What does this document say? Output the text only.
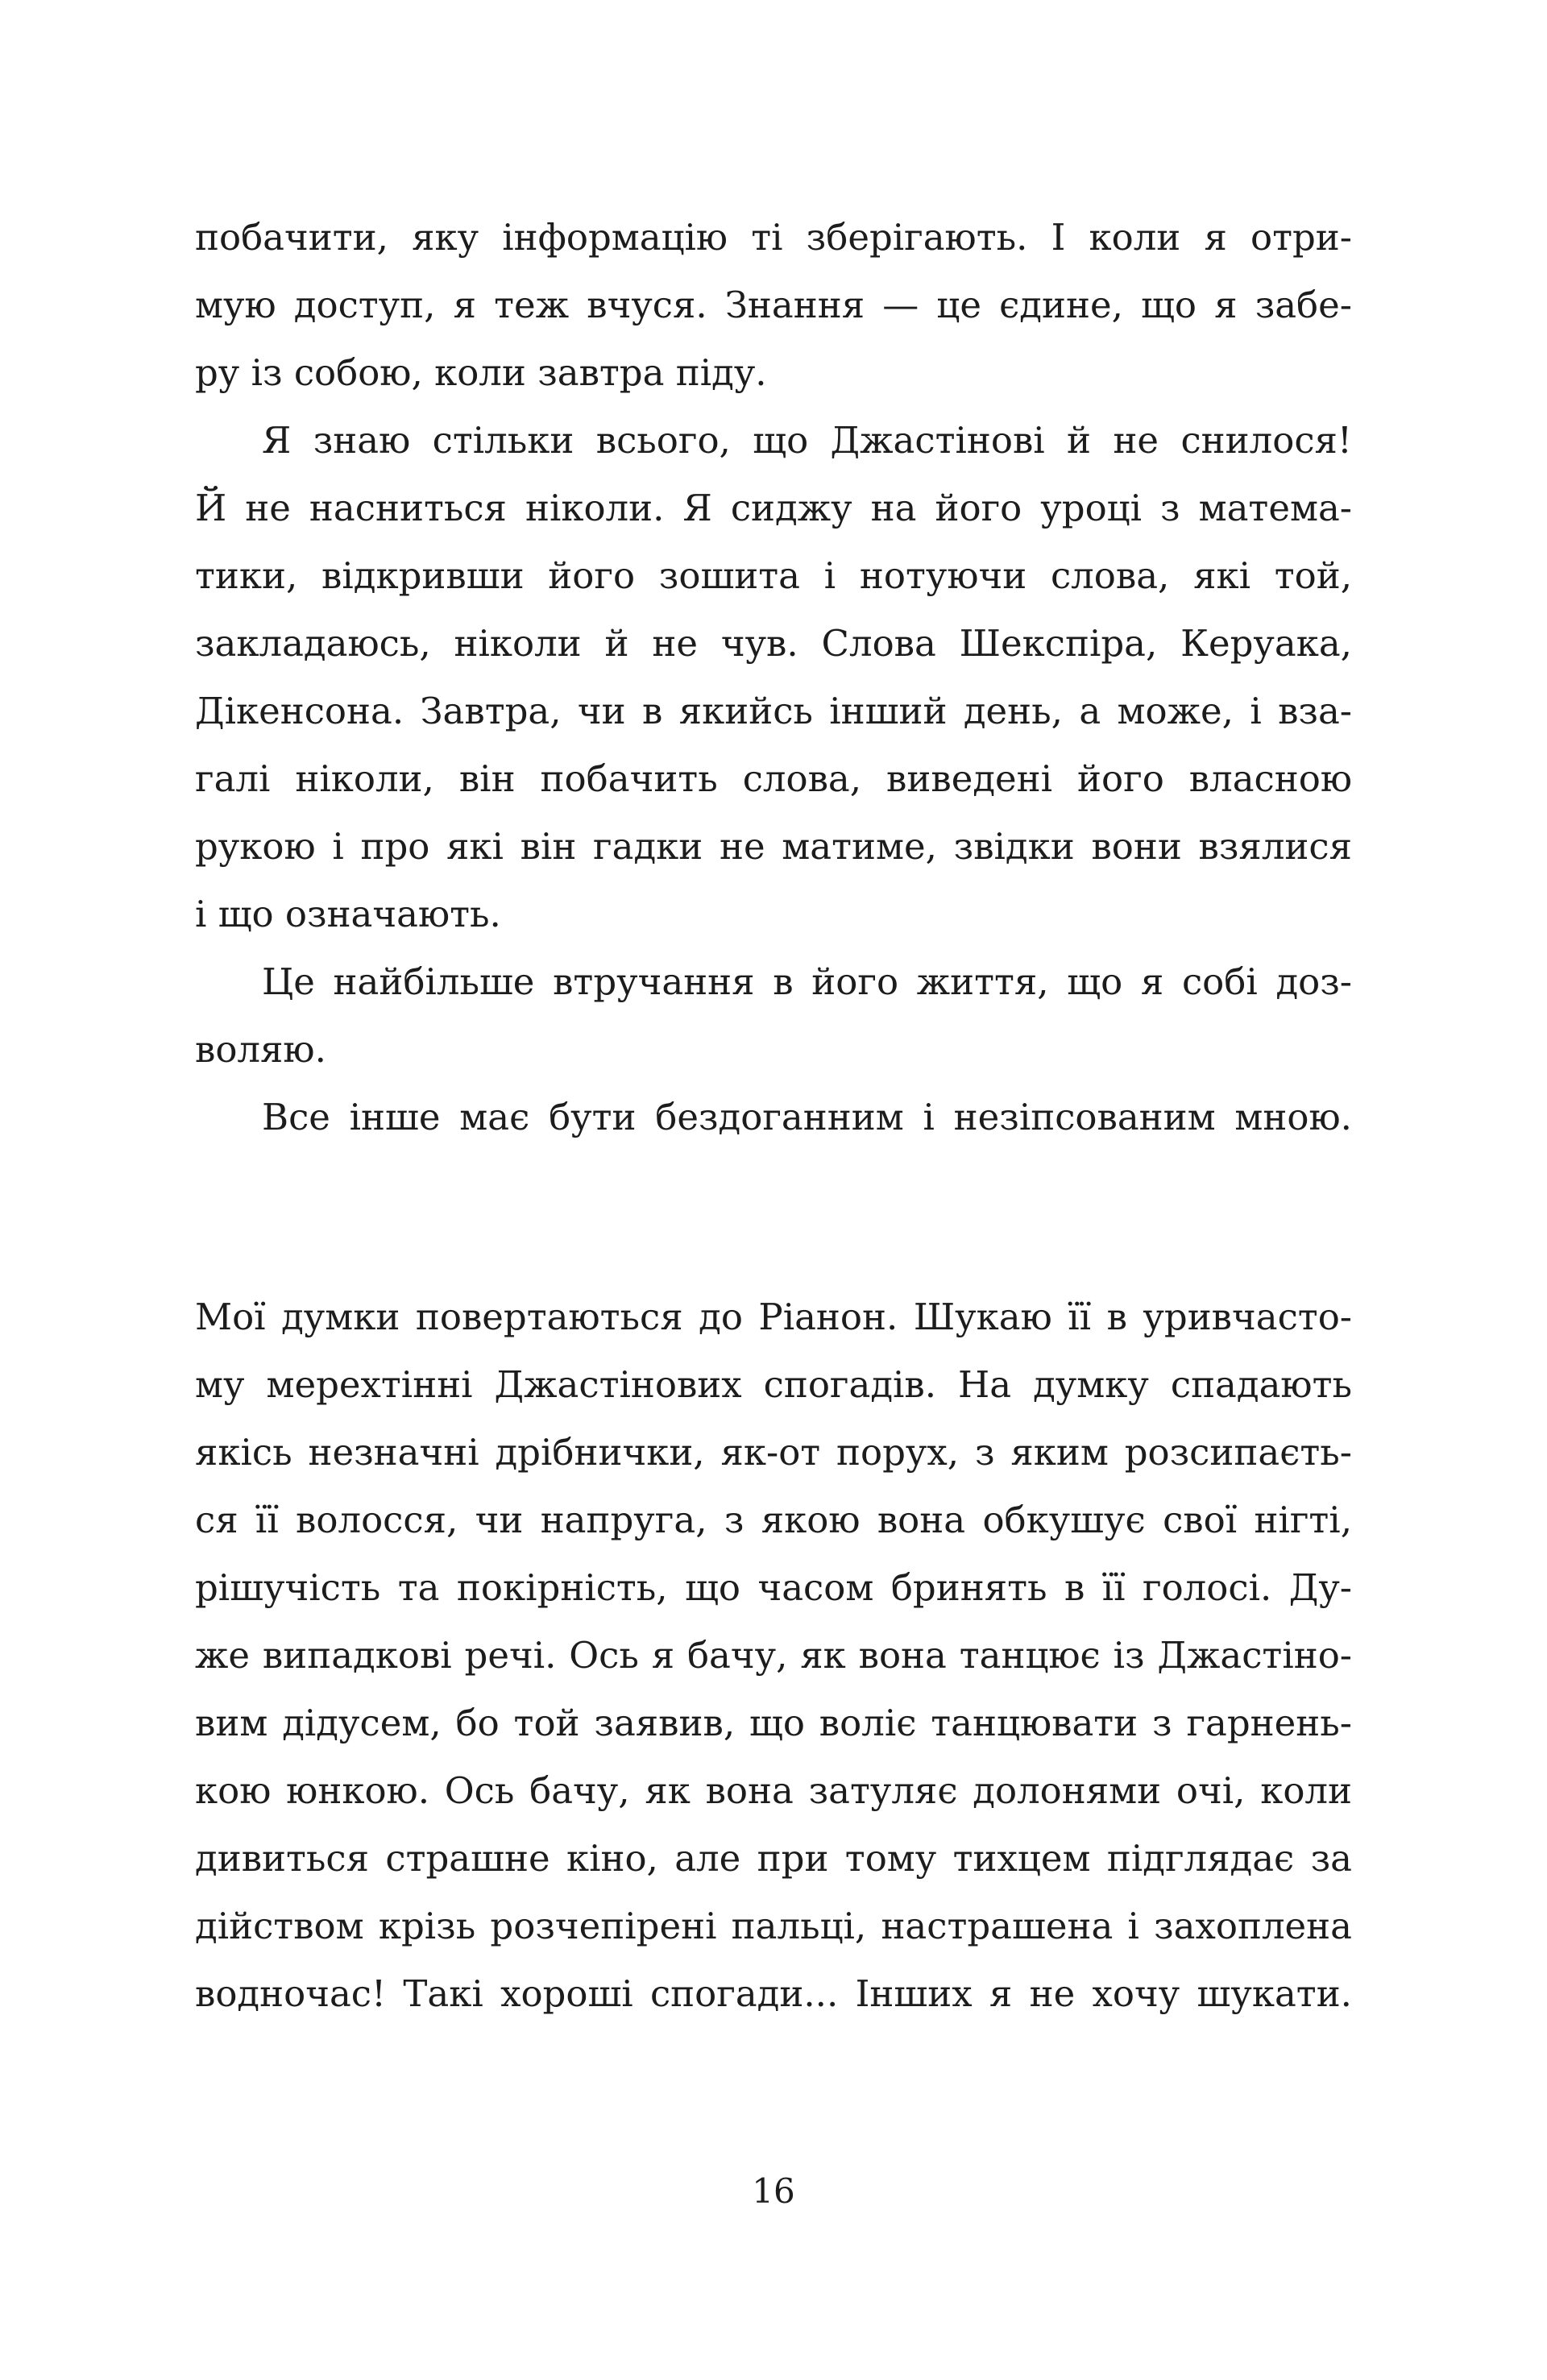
побачити, яку інформацію ті зберігають. І коли я отри-

мую доступ, я теж вчуся. Знання — це єдине, що я забе-

ру із собою, коли завтра піду.

Я знаю стільки всього, що Джастінові й не снилося!

Й не насниться ніколи. Я сиджу на його уроці з матема-

тики, відкривши його зошита і нотуючи слова, які той,

закладаюсь, ніколи й не чув. Слова Шекспіра, Керуака,

Дікенсона. Завтра, чи в якийсь інший день, а може, і вза-

галі ніколи, він побачить слова, виведені його власною

рукою і про які він гадки не матиме, звідки вони взялися

і що означають.

Це найбільше втручання в його життя, що я собі доз-

воляю.

Все інше має бути бездоганним і незіпсованим мною.

Мої думки повертаються до Ріанон. Шукаю її в уривчасто-

му мерехтінні Джастінових спогадів. На думку спадають

якісь незначні дрібнички, як-от порух, з яким розсипаєть-

ся її волосся, чи напруга, з якою вона обкушує свої нігті,

рішучість та покірність, що часом бринять в її голосі. Ду-

же випадкові речі. Ось я бачу, як вона танцює із Джастіно-

вим дідусем, бо той заявив, що воліє танцювати з гарнень-

кою юнкою. Ось бачу, як вона затуляє долонями очі, коли

дивиться страшне кіно, але при тому тихцем підглядає за

дійством крізь розчепірені пальці, настрашена і захоплена

водночас! Такі хороші спогади... Інших я не хочу шукати.

16
